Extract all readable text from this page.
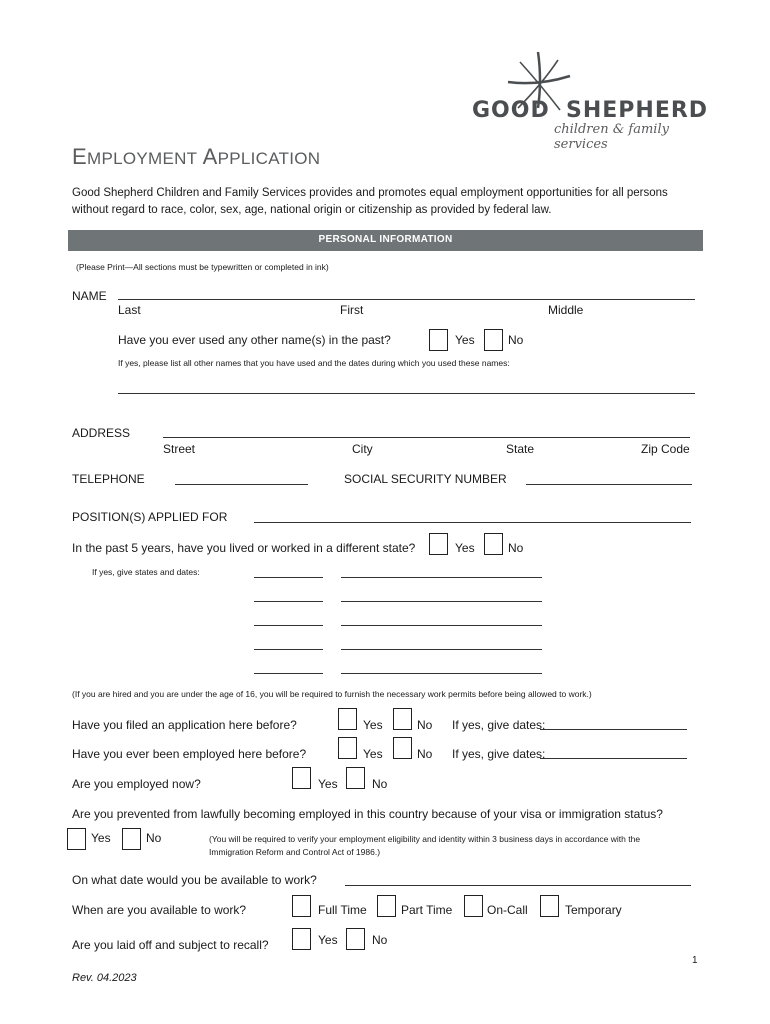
GOOD SHEPHERD
children & family services
EMPLOYMENT APPLICATION
Good Shepherd Children and Family Services provides and promotes equal employment opportunities for all persons
without regard to race, color, sex, age, national origin or citizenship as provided by federal law.
PERSONAL INFORMATION
(Please Print—All sections must be typewritten or completed in ink)
NAME
Last	First	Middle
Have you ever used any other name(s) in the past?	Yes	No
If yes, please list all other names that you have used and the dates during which you used these names:
ADDRESS
Street	City	State	Zip Code
TELEPHONE	SOCIAL SECURITY NUMBER
POSITION(S) APPLIED FOR
In the past 5 years, have you lived or worked in a different state?	Yes	No
If yes, give states and dates:
(If you are hired and you are under the age of 16, you will be required to furnish the necessary work permits before being allowed to work.)
Have you filed an application here before?	Yes	No If yes, give dates:
Have you ever been employed here before?	Yes	No If yes, give dates:
Are you employed now?	Yes	No
Are you prevented from lawfully becoming employed in this country because of your visa or immigration status?
Yes	No	(You will be required to verify your employment eligibility and identity within 3 business days in accordance with the
Immigration Reform and Control Act of 1986.)
On what date would you be available to work?
When are you available to work?	Full Time	Part Time	On-Call	Temporary
Are you laid off and subject to recall?	Yes	No
1
Rev. 04.2023
